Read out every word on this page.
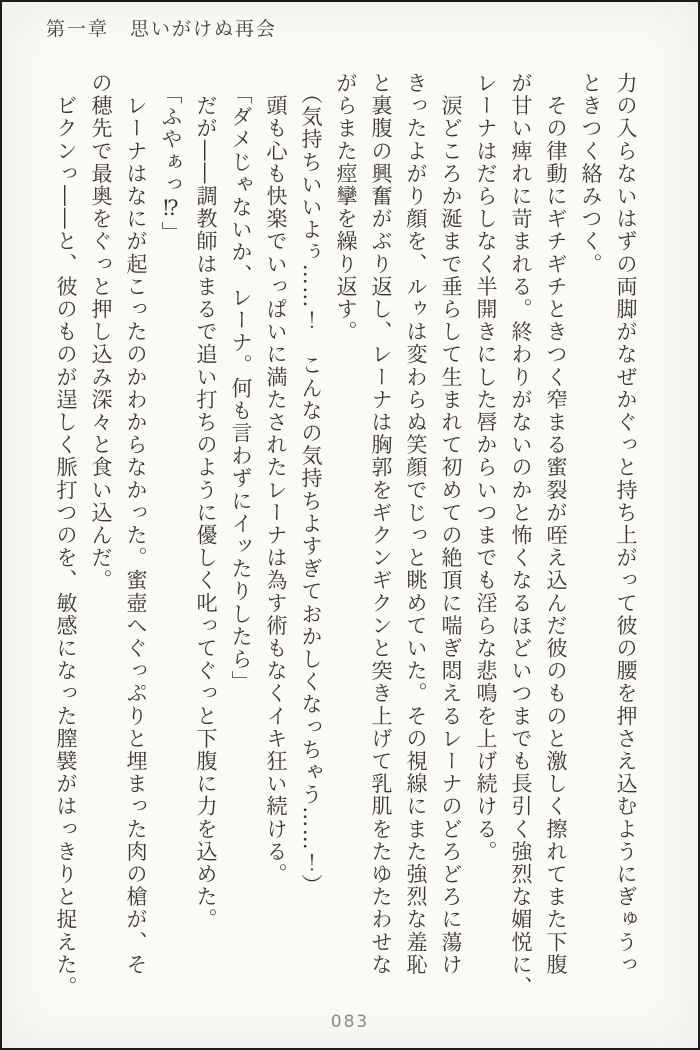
第一章　思いがけぬ再会
力の入らないはずの両脚がなぜかぐっと持ち上がって彼の腰を押さえ込むようにぎゅうっ
ときつく絡みつく。
　その律動にギチギチときつく窄まる蜜裂が咥え込んだ彼のものと激しく擦れてまた下腹
が甘い痺れに苛まれる。終わりがないのかと怖くなるほどいつまでも長引く強烈な媚悦に、
レーナはだらしなく半開きにした唇からいつまでも淫らな悲鳴を上げ続ける。
　涙どころか涎まで垂らして生まれて初めての絶頂に喘ぎ悶えるレーナのどろどろに蕩け
きったよがり顔を、ルゥは変わらぬ笑顔でじっと眺めていた。その視線にまた強烈な羞恥
と裏腹の興奮がぶり返し、レーナは胸郭をギクンギクンと突き上げて乳肌をたゆたわせな
がらまた痙攣を繰り返す。
（気持ちいいよぅ……！　こんなの気持ちよすぎておかしくなっちゃう……！）
　頭も心も快楽でいっぱいに満たされたレーナは為す術もなくイキ狂い続ける。
「ダメじゃないか、レーナ。何も言わずにイッたりしたら」
　だが――調教師はまるで追い打ちのように優しく叱ってぐっと下腹に力を込めた。
「ふやぁっ⁉」
　レーナはなにが起こったのかわからなかった。蜜壺へぐっぷりと埋まった肉の槍が、そ
の穂先で最奥をぐっと押し込み深々と食い込んだ。
　ビクンっ――と、彼のものが逞しく脈打つのを、敏感になった膣襞がはっきりと捉えた。
083
